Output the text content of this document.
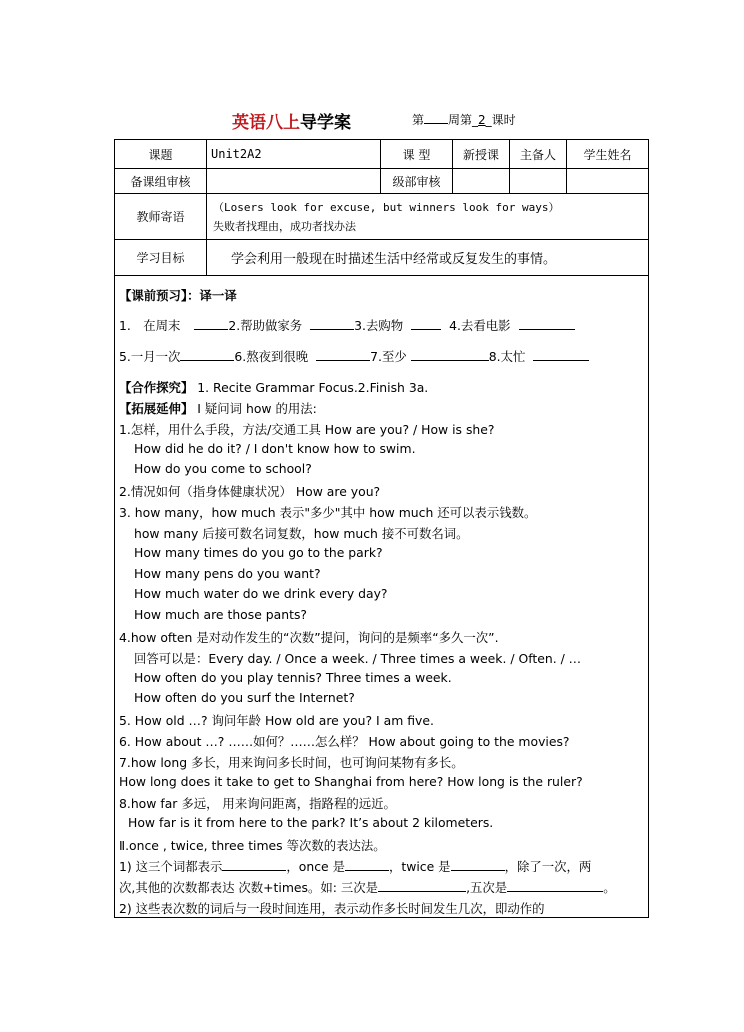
英语八上导学案	第 周第_2_课时
课题	Unit2A2	课 型	新授课	主备人	学生姓名
备课组审核		级部审核			
教师寄语	（Losers look for excuse, but winners look for ways）
失败者找理由，成功者找办法				

学习目标	学会利用一般现在时描述生活中经常或反复发生的事情。				
【课前预习】：译一译
1.　在周末	2.帮助做家务	3.去购物	4.去看电影
5.一月一次	6.熬夜到很晚	7.至少	8.太忙
【合作探究】 1. Recite Grammar Focus.2.Finish 3a.
【拓展延伸】 Ⅰ 疑问词 how 的用法:
1.怎样，用什么手段，方法/交通工具 How are you? / How is she?
How did he do it? / I don't know how to swim.
How do you come to school?
2.情况如何（指身体健康状况） How are you?
3. how many，how much 表示"多少"其中 how much 还可以表示钱数。
how many 后接可数名词复数，how much 接不可数名词。
How many times do you go to the park?
How many pens do you want?
How much water do we drink every day?
How much are those pants?
4.how often 是对动作发生的“次数”提问，询问的是频率“多久一次”.
回答可以是：Every day. / Once a week. / Three times a week. / Often. / …
How often do you play tennis? Three times a week.
How often do you surf the Internet?
5. How old …? 询问年龄 How old are you? I am five.
6. How about …? ……如何？……怎么样？ How about going to the movies?
7.how long 多长，用来询问多长时间，也可询问某物有多长。
How long does it take to get to Shanghai from here? How long is the ruler?
8.how far 多远， 用来询问距离，指路程的远近。
How far is it from here to the park? It’s about 2 kilometers.
Ⅱ.once , twice, three times 等次数的表达法。
1) 这三个词都表示	，once 是	，twice 是	，除了一次，两
次,其他的次数都表达 次数+times。如: 三次是	,五次是	。
2) 这些表次数的词后与一段时间连用，表示动作多长时间发生几次，即动作的
